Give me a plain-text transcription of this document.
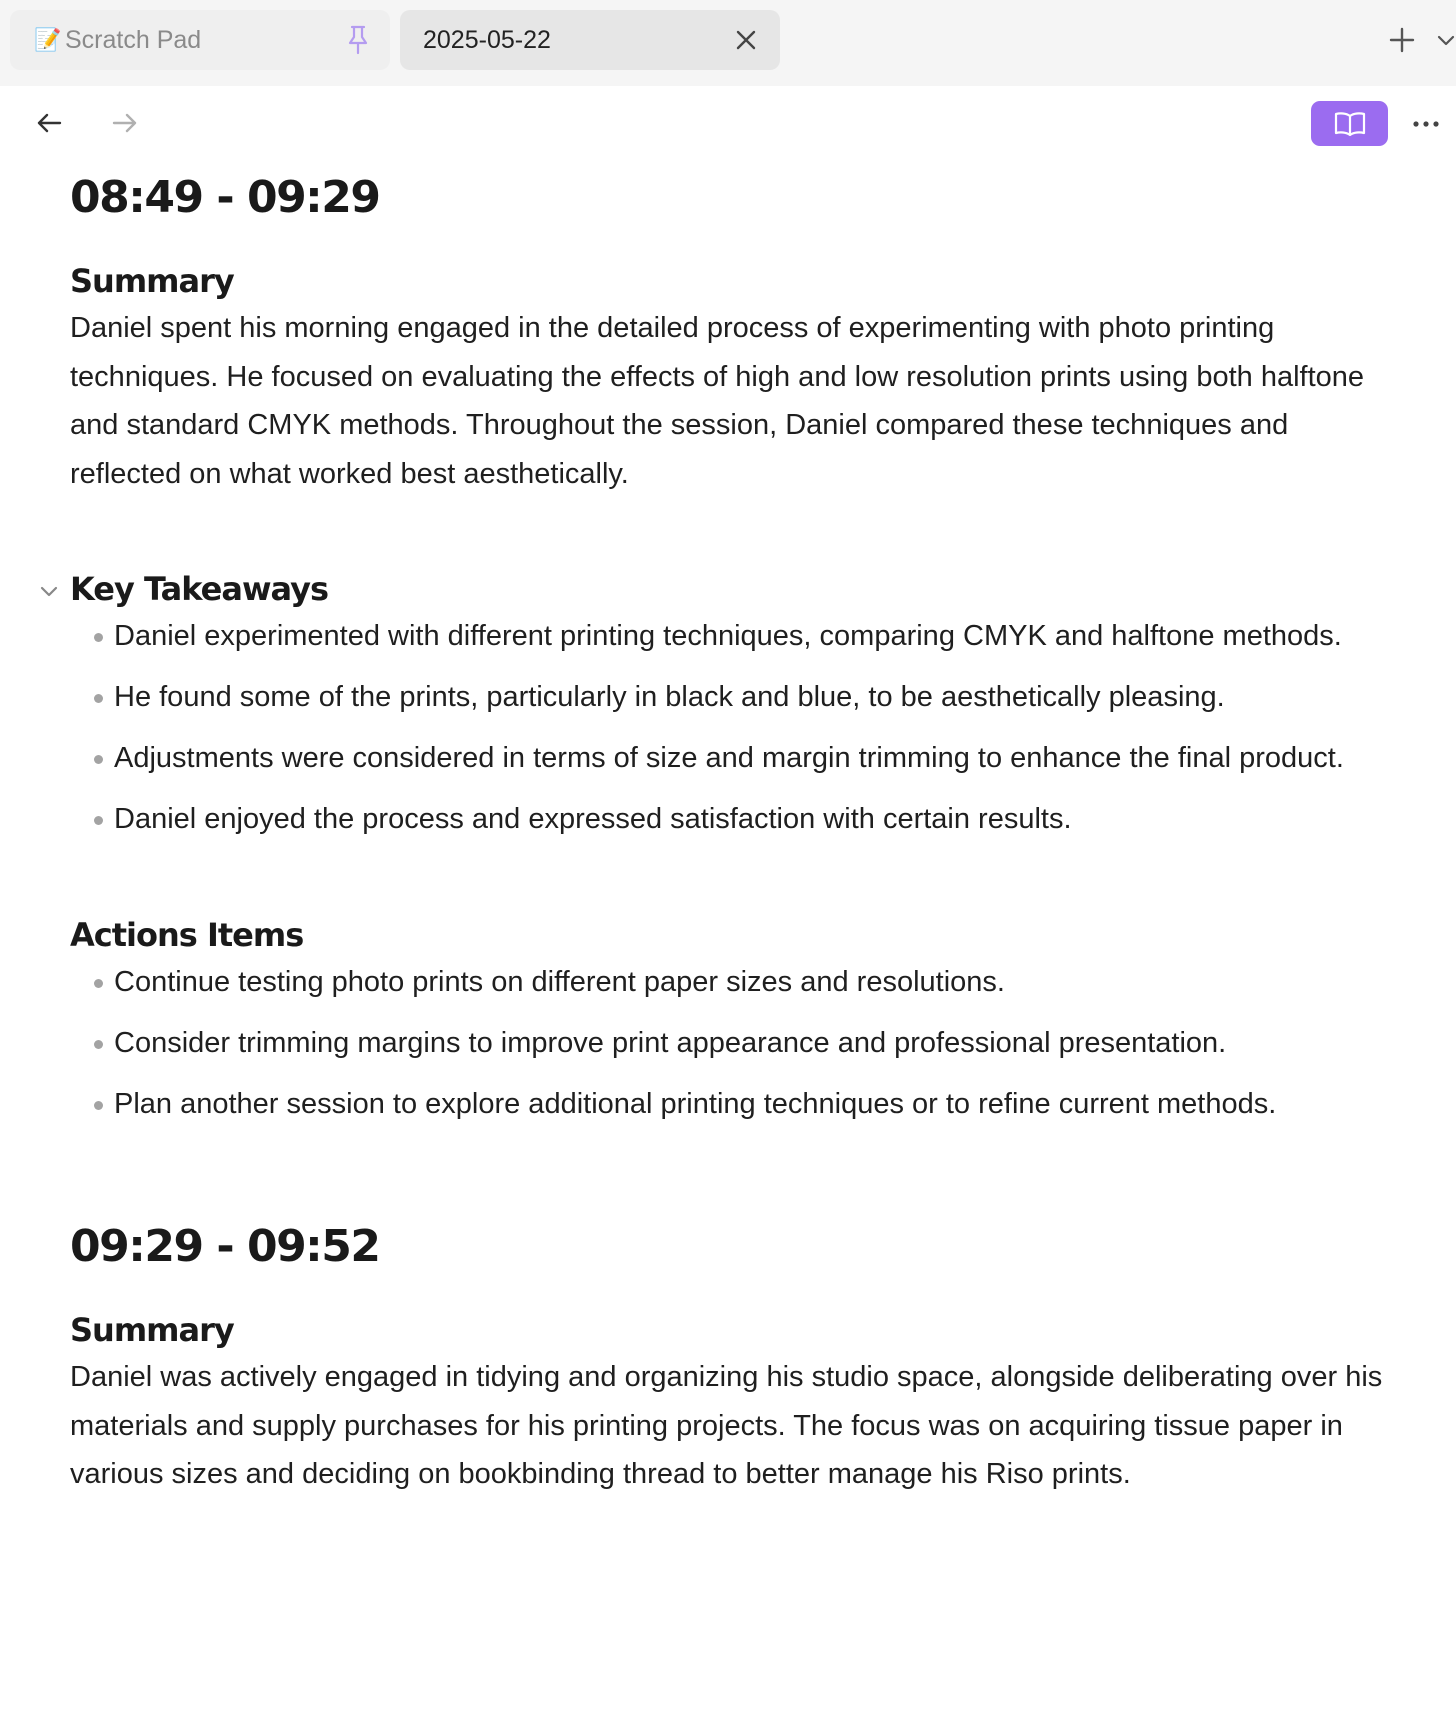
📝 Scratch Pad	2025-05-22
08:49 - 09:29
Summary

Daniel spent his morning engaged in the detailed process of experimenting with photo printing techniques. He focused on evaluating the effects of high and low resolution prints using both halftone and standard CMYK methods. Throughout the session, Daniel compared these techniques and reflected on what worked best aesthetically.

Key Takeaways
Daniel experimented with different printing techniques, comparing CMYK and halftone methods.
He found some of the prints, particularly in black and blue, to be aesthetically pleasing.
Adjustments were considered in terms of size and margin trimming to enhance the final product.
Daniel enjoyed the process and expressed satisfaction with certain results.
Actions Items
Continue testing photo prints on different paper sizes and resolutions.
Consider trimming margins to improve print appearance and professional presentation.
Plan another session to explore additional printing techniques or to refine current methods.
09:29 - 09:52
Summary

Daniel was actively engaged in tidying and organizing his studio space, alongside deliberating over his materials and supply purchases for his printing projects. The focus was on acquiring tissue paper in various sizes and deciding on bookbinding thread to better manage his Riso prints.
